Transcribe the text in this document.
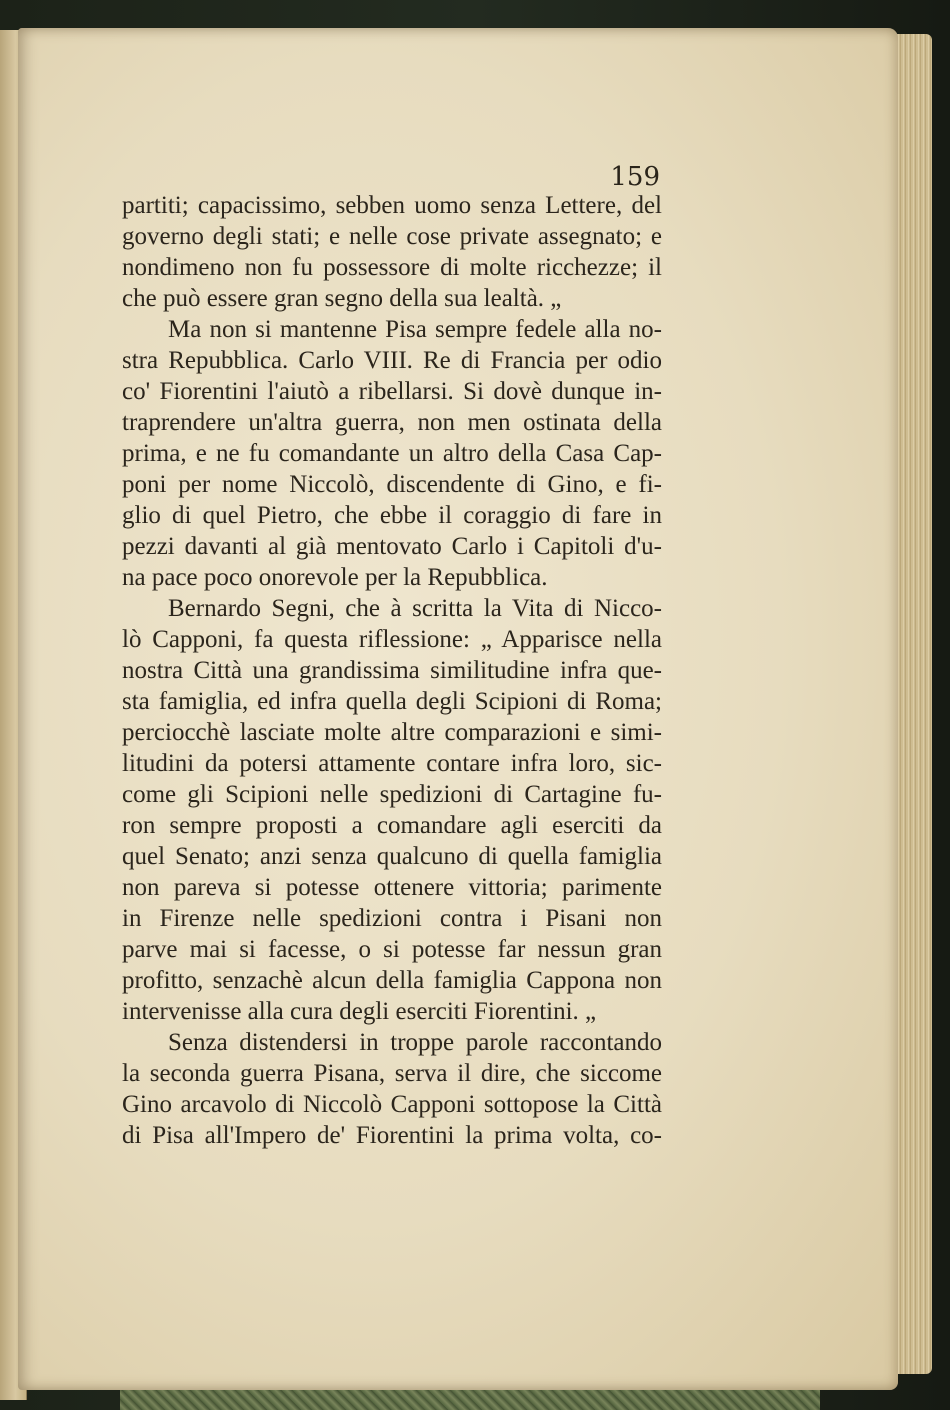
159
partiti; capacissimo, sebben uomo senza Lettere, del
governo degli stati; e nelle cose private assegnato; e
nondimeno non fu possessore di molte ricchezze; il
che può essere gran segno della sua lealtà. „
Ma non si mantenne Pisa sempre fedele alla no-
stra Repubblica. Carlo VIII. Re di Francia per odio
co' Fiorentini l'aiutò a ribellarsi. Si dovè dunque in-
traprendere un'altra guerra, non men ostinata della
prima, e ne fu comandante un altro della Casa Cap-
poni per nome Niccolò, discendente di Gino, e fi-
glio di quel Pietro, che ebbe il coraggio di fare in
pezzi davanti al già mentovato Carlo i Capitoli d'u-
na pace poco onorevole per la Repubblica.
Bernardo Segni, che à scritta la Vita di Nicco-
lò Capponi, fa questa riflessione: „ Apparisce nella
nostra Città una grandissima similitudine infra que-
sta famiglia, ed infra quella degli Scipioni di Roma;
perciocchè lasciate molte altre comparazioni e simi-
litudini da potersi attamente contare infra loro, sic-
come gli Scipioni nelle spedizioni di Cartagine fu-
ron sempre proposti a comandare agli eserciti da
quel Senato; anzi senza qualcuno di quella famiglia
non pareva si potesse ottenere vittoria; parimente
in Firenze nelle spedizioni contra i Pisani non
parve mai si facesse, o si potesse far nessun gran
profitto, senzachè alcun della famiglia Cappona non
intervenisse alla cura degli eserciti Fiorentini. „
Senza distendersi in troppe parole raccontando
la seconda guerra Pisana, serva il dire, che siccome
Gino arcavolo di Niccolò Capponi sottopose la Città
di Pisa all'Impero de' Fiorentini la prima volta, co-
